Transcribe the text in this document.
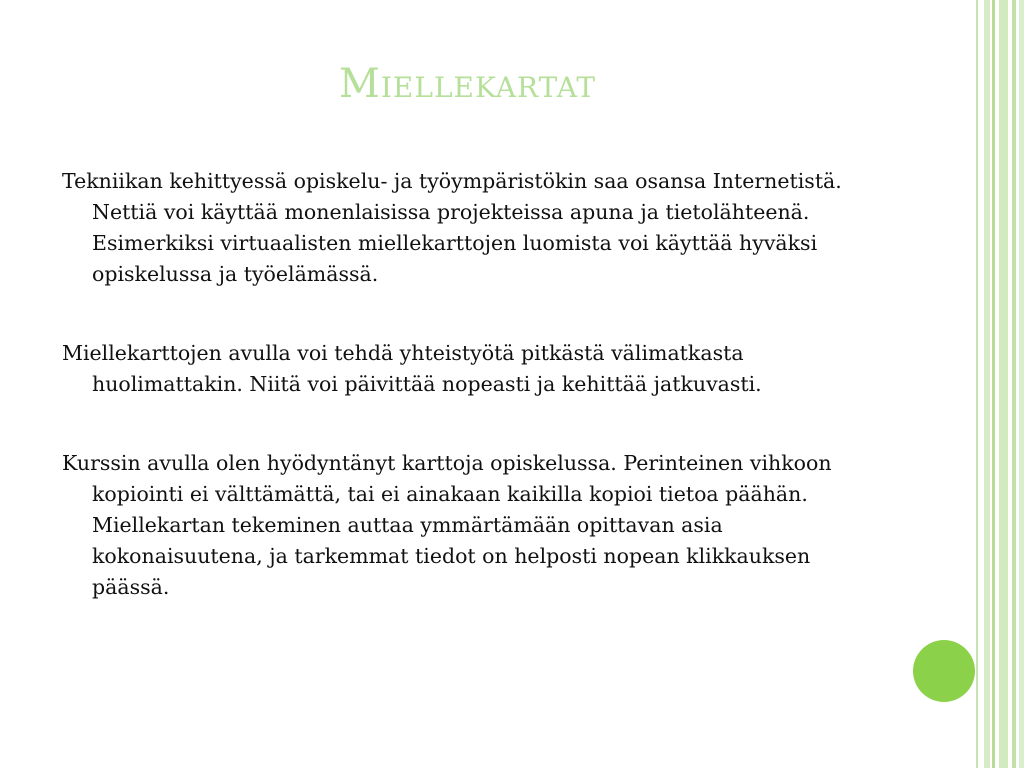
Miellekartat

Tekniikan kehittyessä opiskelu- ja työympäristökin saa osansa Internetistä. Nettiä voi käyttää monenlaisissa projekteissa apuna ja tietolähteenä. Esimerkiksi virtuaalisten miellekarttojen luomista voi käyttää hyväksi opiskelussa ja työelämässä.

Miellekarttojen avulla voi tehdä yhteistyötä pitkästä välimatkasta huolimattakin. Niitä voi päivittää nopeasti ja kehittää jatkuvasti.

Kurssin avulla olen hyödyntänyt karttoja opiskelussa. Perinteinen vihkoon kopiointi ei välttämättä, tai ei ainakaan kaikilla kopioi tietoa päähän. Miellekartan tekeminen auttaa ymmärtämään opittavan asia kokonaisuutena, ja tarkemmat tiedot on helposti nopean klikkauksen päässä.
